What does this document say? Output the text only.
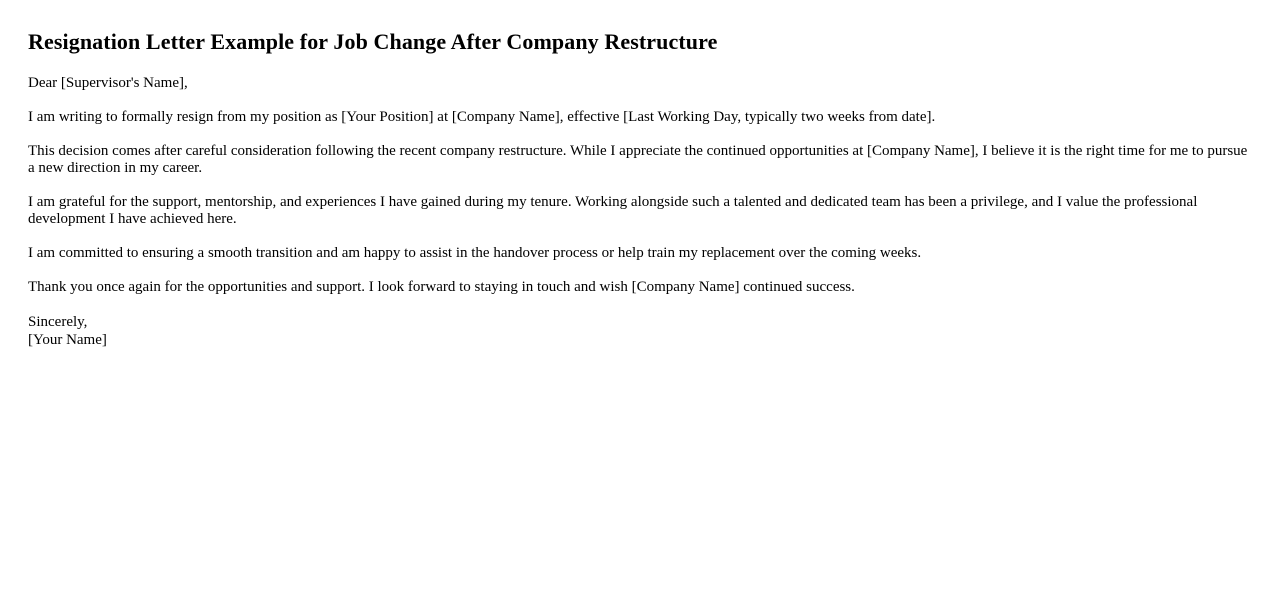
Resignation Letter Example for Job Change After Company Restructure

Dear [Supervisor's Name],

I am writing to formally resign from my position as [Your Position] at [Company Name], effective [Last Working Day, typically two weeks from date].

This decision comes after careful consideration following the recent company restructure. While I appreciate the continued opportunities at [Company Name], I believe it is the right time for me to pursue a new direction in my career.

I am grateful for the support, mentorship, and experiences I have gained during my tenure. Working alongside such a talented and dedicated team has been a privilege, and I value the professional development I have achieved here.

I am committed to ensuring a smooth transition and am happy to assist in the handover process or help train my replacement over the coming weeks.

Thank you once again for the opportunities and support. I look forward to staying in touch and wish [Company Name] continued success.

Sincerely,
[Your Name]
